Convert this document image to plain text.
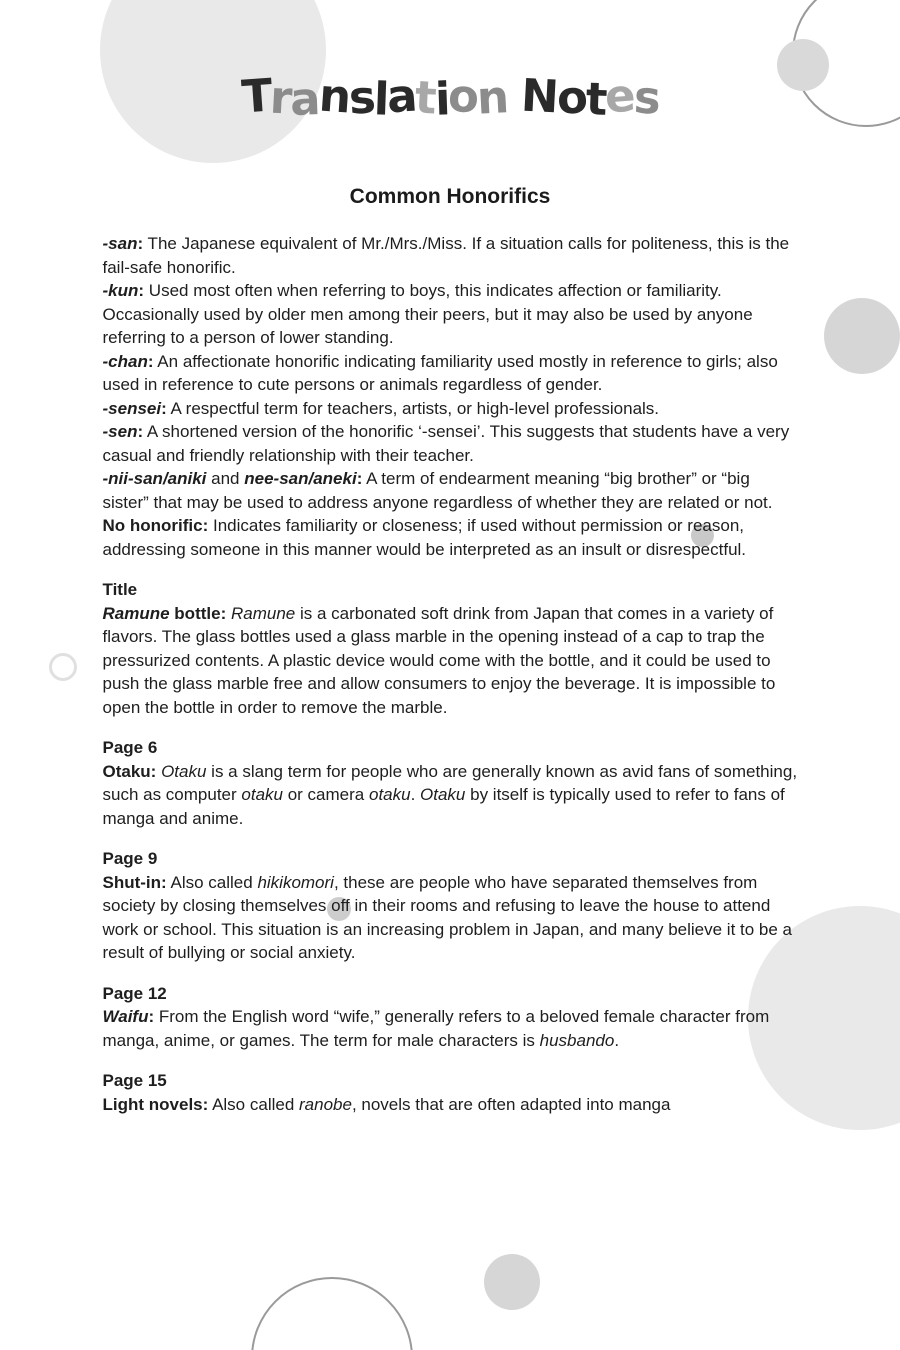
Translation Notes
Common Honorifics
-san: The Japanese equivalent of Mr./Mrs./Miss. If a situation calls for politeness, this is the fail-safe honorific.
-kun: Used most often when referring to boys, this indicates affection or familiarity. Occasionally used by older men among their peers, but it may also be used by anyone referring to a person of lower standing.
-chan: An affectionate honorific indicating familiarity used mostly in reference to girls; also used in reference to cute persons or animals regardless of gender.
-sensei: A respectful term for teachers, artists, or high-level professionals.
-sen: A shortened version of the honorific ‘-sensei’. This suggests that students have a very casual and friendly relationship with their teacher.
-nii-san/aniki and nee-san/aneki: A term of endearment meaning “big brother” or “big sister” that may be used to address anyone regardless of whether they are related or not.
No honorific: Indicates familiarity or closeness; if used without permission or reason, addressing someone in this manner would be interpreted as an insult or disrespectful.
Title
Ramune bottle: Ramune is a carbonated soft drink from Japan that comes in a variety of flavors. The glass bottles used a glass marble in the opening instead of a cap to trap the pressurized contents. A plastic device would come with the bottle, and it could be used to push the glass marble free and allow consumers to enjoy the beverage. It is impossible to open the bottle in order to remove the marble.
Page 6
Otaku: Otaku is a slang term for people who are generally known as avid fans of something, such as computer otaku or camera otaku. Otaku by itself is typically used to refer to fans of manga and anime.
Page 9
Shut-in: Also called hikikomori, these are people who have separated themselves from society by closing themselves off in their rooms and refusing to leave the house to attend work or school. This situation is an increasing problem in Japan, and many believe it to be a result of bullying or social anxiety.
Page 12
Waifu: From the English word “wife,” generally refers to a beloved female character from manga, anime, or games. The term for male characters is husbando.
Page 15
Light novels: Also called ranobe, novels that are often adapted into manga
